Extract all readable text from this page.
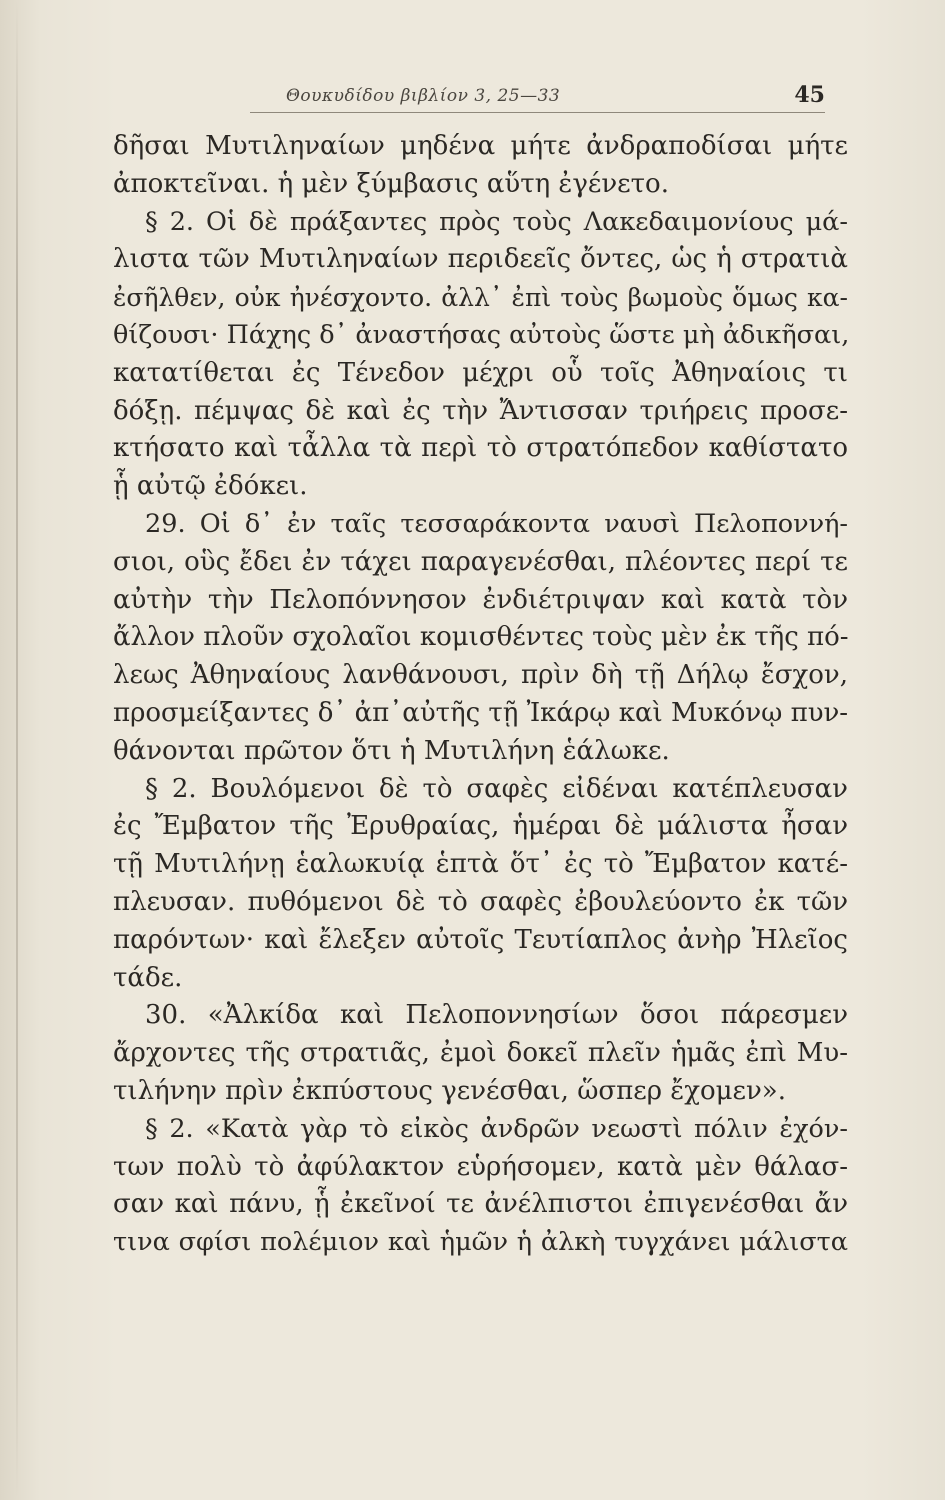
Θουκυδίδου βιβλίον 3, 25—33	45
δῆσαι Μυτιληναίων μηδένα μήτε ἀνδραποδίσαι μήτε
ἀποκτεῖναι. ἡ μὲν ξύμβασις αὕτη ἐγένετο.
§ 2. Οἱ δὲ πράξαντες πρὸς τοὺς Λακεδαιμονίους μά-
λιστα τῶν Μυτιληναίων περιδεεῖς ὄντες, ὡς ἡ στρατιὰ
ἐσῆλθεν, οὐκ ἠνέσχοντο. ἀλλ᾽ ἐπὶ τοὺς βωμοὺς ὅμως κα-
θίζουσι· Πάχης δ᾽ ἀναστήσας αὐτοὺς ὥστε μὴ ἀδικῆσαι,
κατατίθεται ἐς Τένεδον μέχρι οὗ τοῖς Ἀθηναίοις τι
δόξῃ. πέμψας δὲ καὶ ἐς τὴν Ἄντισσαν τριήρεις προσε-
κτήσατο καὶ τἆλλα τὰ περὶ τὸ στρατόπεδον καθίστατο
ᾗ αὐτῷ ἐδόκει.
29. Οἱ δ᾽ ἐν ταῖς τεσσαράκοντα ναυσὶ Πελοποννή-
σιοι, οὓς ἔδει ἐν τάχει παραγενέσθαι, πλέοντες περί τε
αὐτὴν τὴν Πελοπόννησον ἐνδιέτριψαν καὶ κατὰ τὸν
ἄλλον πλοῦν σχολαῖοι κομισθέντες τοὺς μὲν ἐκ τῆς πό-
λεως Ἀθηναίους λανθάνουσι, πρὶν δὴ τῇ Δήλῳ ἔσχον,
προσμείξαντες δ᾽ ἀπ᾽αὐτῆς τῇ Ἰκάρῳ καὶ Μυκόνῳ πυν-
θάνονται πρῶτον ὅτι ἡ Μυτιλήνη ἑάλωκε.
§ 2. Βουλόμενοι δὲ τὸ σαφὲς εἰδέναι κατέπλευσαν
ἐς Ἔμβατον τῆς Ἐρυθραίας, ἡμέραι δὲ μάλιστα ἦσαν
τῇ Μυτιλήνῃ ἑαλωκυίᾳ ἑπτὰ ὅτ᾽ ἐς τὸ Ἔμβατον κατέ-
πλευσαν. πυθόμενοι δὲ τὸ σαφὲς ἐβουλεύοντο ἐκ τῶν
παρόντων· καὶ ἔλεξεν αὐτοῖς Τευτίαπλος ἀνὴρ Ἠλεῖος
τάδε.
30. «Ἀλκίδα καὶ Πελοποννησίων ὅσοι πάρεσμεν
ἄρχοντες τῆς στρατιᾶς, ἐμοὶ δοκεῖ πλεῖν ἡμᾶς ἐπὶ Μυ-
τιλήνην πρὶν ἐκπύστους γενέσθαι, ὥσπερ ἔχομεν».
§ 2. «Κατὰ γὰρ τὸ εἰκὸς ἀνδρῶν νεωστὶ πόλιν ἐχόν-
των πολὺ τὸ ἀφύλακτον εὑρήσομεν, κατὰ μὲν θάλασ-
σαν καὶ πάνυ, ᾗ ἐκεῖνοί τε ἀνέλπιστοι ἐπιγενέσθαι ἄν
τινα σφίσι πολέμιον καὶ ἡμῶν ἡ ἀλκὴ τυγχάνει μάλιστα
